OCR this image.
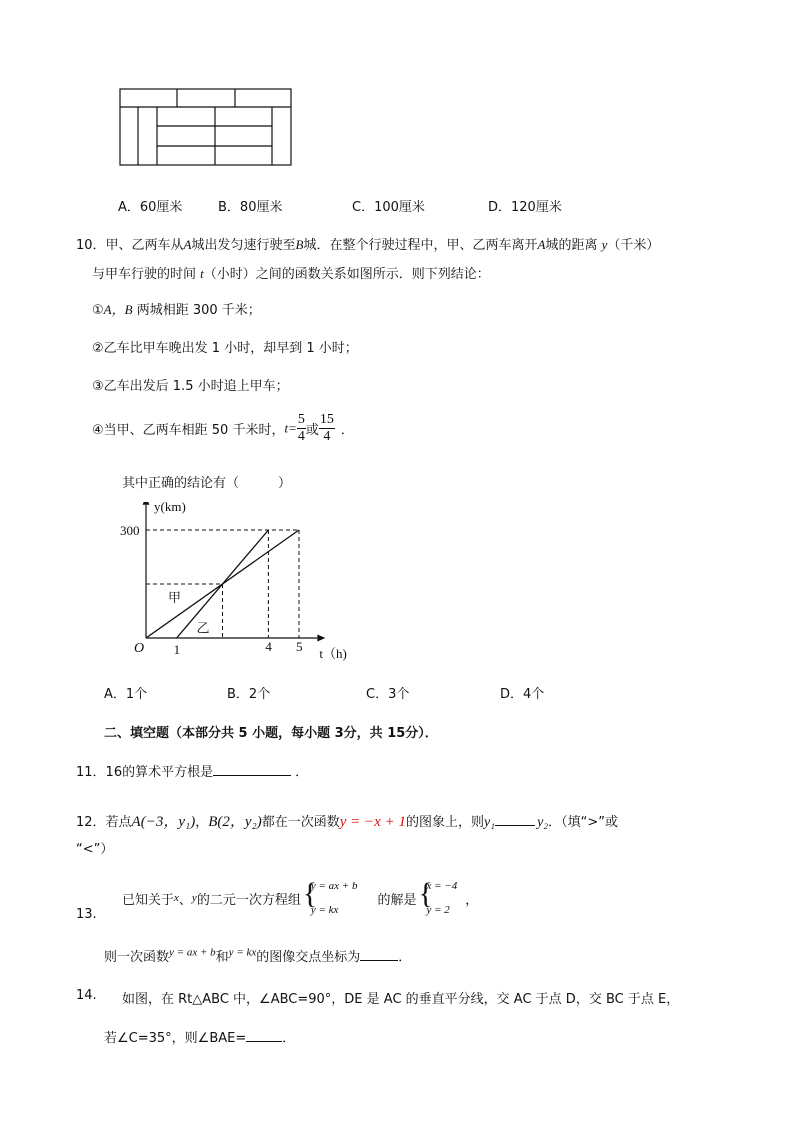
A．60厘米	B．80厘米	C．100厘米	D．120厘米
10．甲、乙两车从A城出发匀速行驶至B城．在整个行驶过程中，甲、乙两车离开A城的距离 y（千米）
与甲车行驶的时间 t（小时）之间的函数关系如图所示．则下列结论：
①A，B 两城相距 300 千米；
②乙车比甲车晚出发 1 小时，却早到 1 小时；
③乙车出发后 1.5 小时追上甲车；
④当甲、乙两车相距 50 千米时，$t= \frac{5}{4}$ 或 $\frac{15}{4}$ ．
其中正确的结论有（　　　）
1	4 5
300
O
y(km)
t（h)
甲
乙
A．1个	B．2个	C．3个	D．4个
二、填空题（本部分共 5 小题，每小题 3分，共 15分）．
11．16的算术平方根是	．
12．若点A(−3，y₁)，B(2，y₂)都在一次函数y = −x + 1的图象上，则y₁	y₂．（填“>”或
“<”）
13.
已知关于 x 、 y 的二元一次方程组 {
y = ax + b
y = kx
的解是 {
x = −4
y = 2
，
则一次函数$^{y = ax + b}$和$^{y = kx}$的图像交点坐标为	．
14. 如图，在 Rt△ABC 中，∠ABC=90°，DE 是 AC 的垂直平分线，交 AC 于点 D，交 BC 于点 E，
若∠C=35°，则∠BAE=	．
